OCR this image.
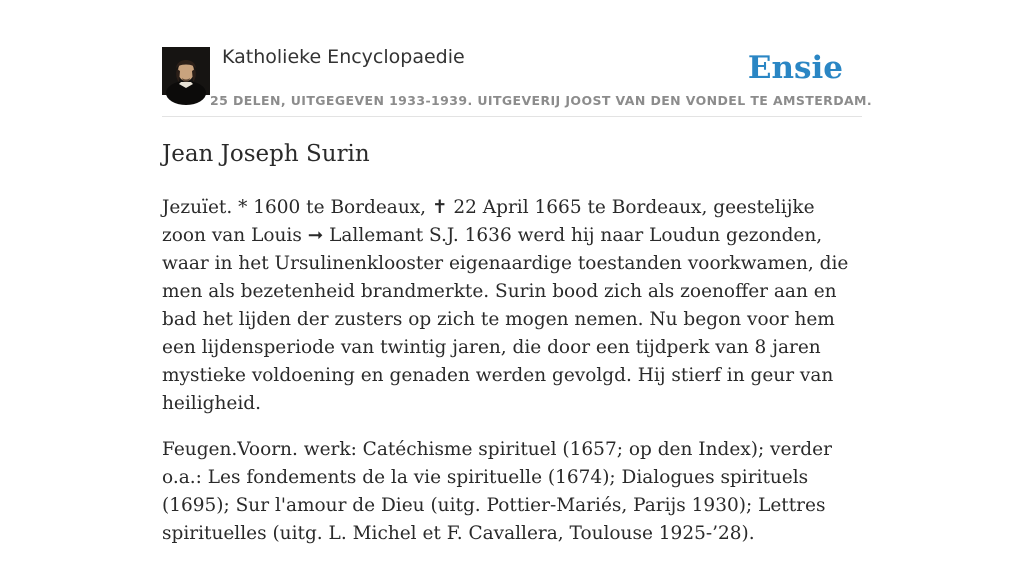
Katholieke Encyclopaedie
25 DELEN, UITGEGEVEN 1933-1939. UITGEVERIJ JOOST VAN DEN VONDEL TE AMSTERDAM.
Ensie
Jean Joseph Surin

Jezuïet. * 1600 te Bordeaux, ✝ 22 April 1665 te Bordeaux, geestelijke zoon van Louis ➞ Lallemant S.J. 1636 werd hij naar Loudun gezonden, waar in het Ursulinenklooster eigenaardige toestanden voorkwamen, die men als bezetenheid brandmerkte. Surin bood zich als zoenoffer aan en bad het lijden der zusters op zich te mogen nemen. Nu begon voor hem een lijdensperiode van twintig jaren, die door een tijdperk van 8 jaren mystieke voldoening en genaden werden gevolgd. Hij stierf in geur van heiligheid.

Feugen.Voorn. werk: Catéchisme spirituel (1657; op den Index); verder o.a.: Les fondements de la vie spirituelle (1674); Dialogues spirituels (1695); Sur l'amour de Dieu (uitg. Pottier-Mariés, Parijs 1930); Lettres spirituelles (uitg. L. Michel et F. Cavallera, Toulouse 1925-’28).
